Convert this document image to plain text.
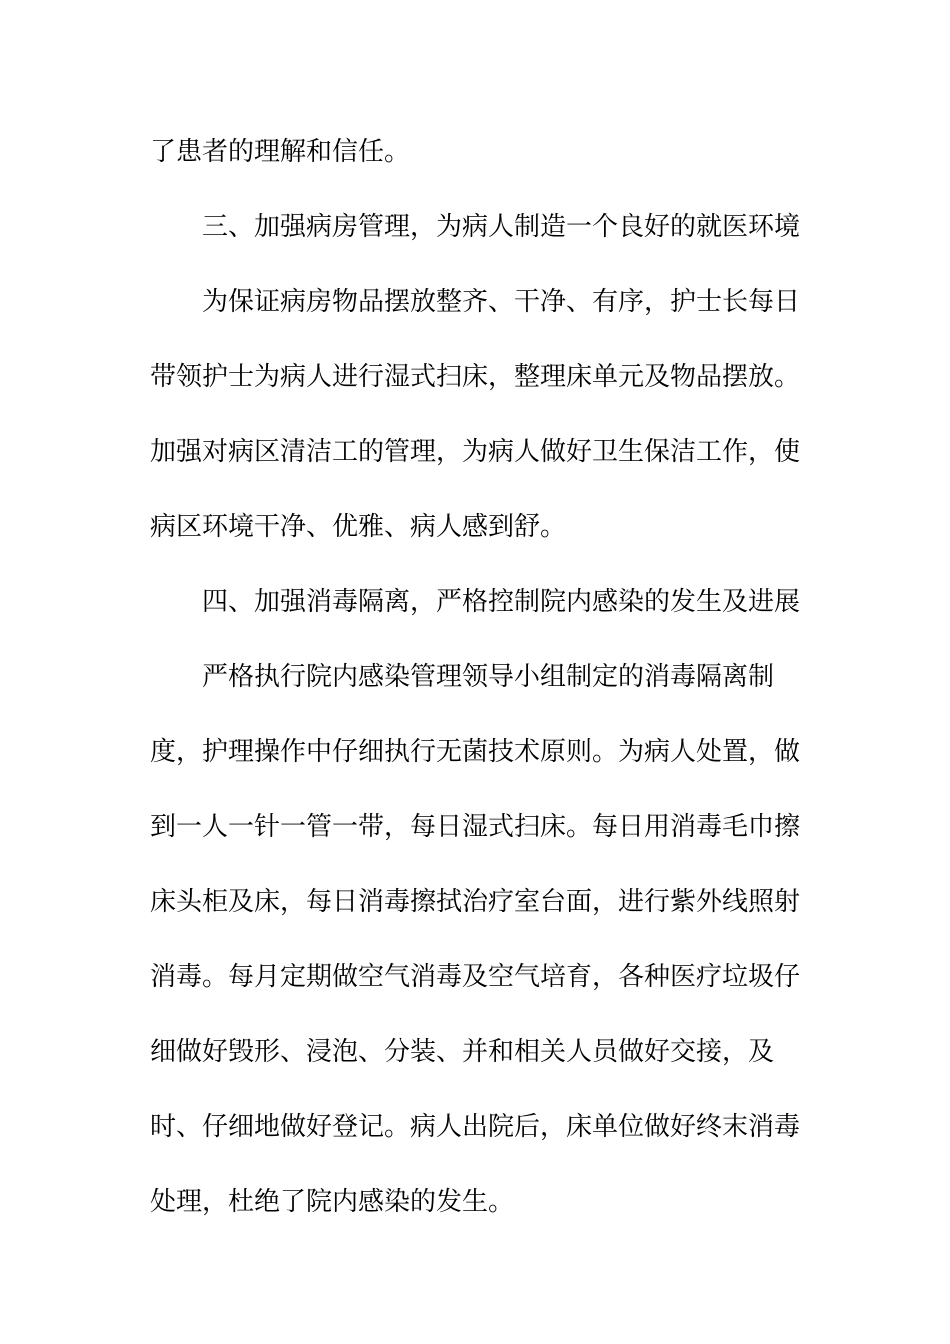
了患者的理解和信任。
三、加强病房管理，为病人制造一个良好的就医环境
为保证病房物品摆放整齐、干净、有序，护士长每日
带领护士为病人进行湿式扫床，整理床单元及物品摆放。
加强对病区清洁工的管理，为病人做好卫生保洁工作，使
病区环境干净、优雅、病人感到舒。
四、加强消毒隔离，严格控制院内感染的发生及进展
严格执行院内感染管理领导小组制定的消毒隔离制
度，护理操作中仔细执行无菌技术原则。为病人处置，做
到一人一针一管一带，每日湿式扫床。每日用消毒毛巾擦
床头柜及床，每日消毒擦拭治疗室台面，进行紫外线照射
消毒。每月定期做空气消毒及空气培育，各种医疗垃圾仔
细做好毁形、浸泡、分装、并和相关人员做好交接，及
时、仔细地做好登记。病人出院后，床单位做好终末消毒
处理，杜绝了院内感染的发生。
